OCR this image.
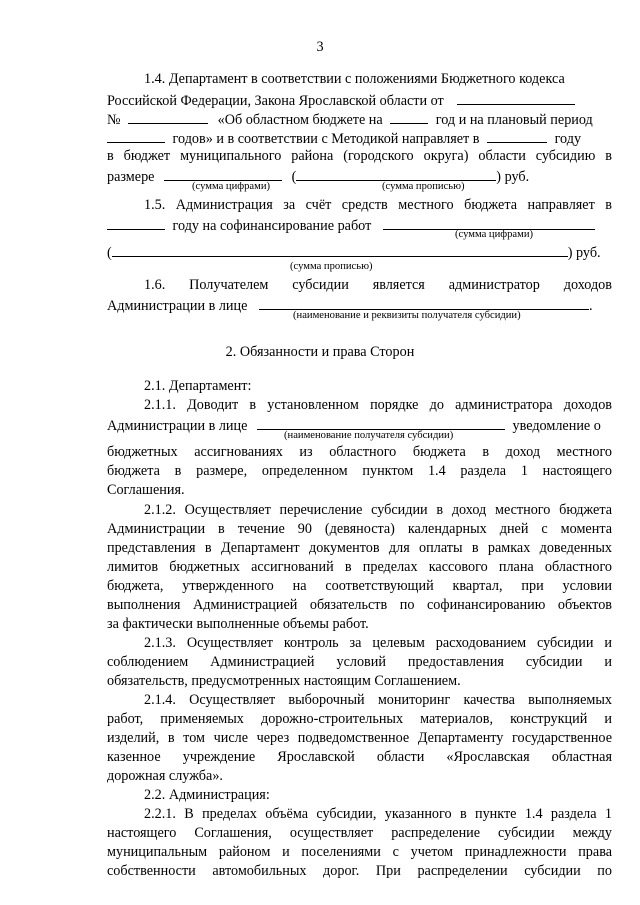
3
1.4. Департамент в соответствии с положениями Бюджетного кодекса
Российской Федерации, Закона Ярославской области от
№	«Об областном бюджете на	год и на плановый период
годов» и в соответствии с Методикой направляет в	году
в бюджет муниципального района (городского округа) области субсидию в
размере	(	) руб.
(сумма цифрами)	(сумма прописью)
1.5. Администрация за счёт средств местного бюджета направляет в
году на софинансирование работ
(сумма цифрами)
(	) руб.
(сумма прописью)
1.6. Получателем субсидии является администратор доходов
Администрации в лице	.
(наименование и реквизиты получателя субсидии)
2. Обязанности и права Сторон
2.1. Департамент:
2.1.1. Доводит в установленном порядке до администратора доходов
Администрации в лице	уведомление о
(наименование получателя субсидии)
бюджетных ассигнованиях из областного бюджета в доход местного
бюджета в размере, определенном пунктом 1.4 раздела 1 настоящего
Соглашения.
2.1.2. Осуществляет перечисление субсидии в доход местного бюджета
Администрации в течение 90 (девяноста) календарных дней с момента
представления в Департамент документов для оплаты в рамках доведенных
лимитов бюджетных ассигнований в пределах кассового плана областного
бюджета, утвержденного на соответствующий квартал, при условии
выполнения Администрацией обязательств по софинансированию объектов
за фактически выполненные объемы работ.
2.1.3. Осуществляет контроль за целевым расходованием субсидии и
соблюдением Администрацией условий предоставления субсидии и
обязательств, предусмотренных настоящим Соглашением.
2.1.4. Осуществляет выборочный мониторинг качества выполняемых
работ, применяемых дорожно-строительных материалов, конструкций и
изделий, в том числе через подведомственное Департаменту государственное
казенное учреждение Ярославской области «Ярославская областная
дорожная служба».
2.2. Администрация:
2.2.1. В пределах объёма субсидии, указанного в пункте 1.4 раздела 1
настоящего Соглашения, осуществляет распределение субсидии между
муниципальным районом и поселениями с учетом принадлежности права
собственности автомобильных дорог. При распределении субсидии по
